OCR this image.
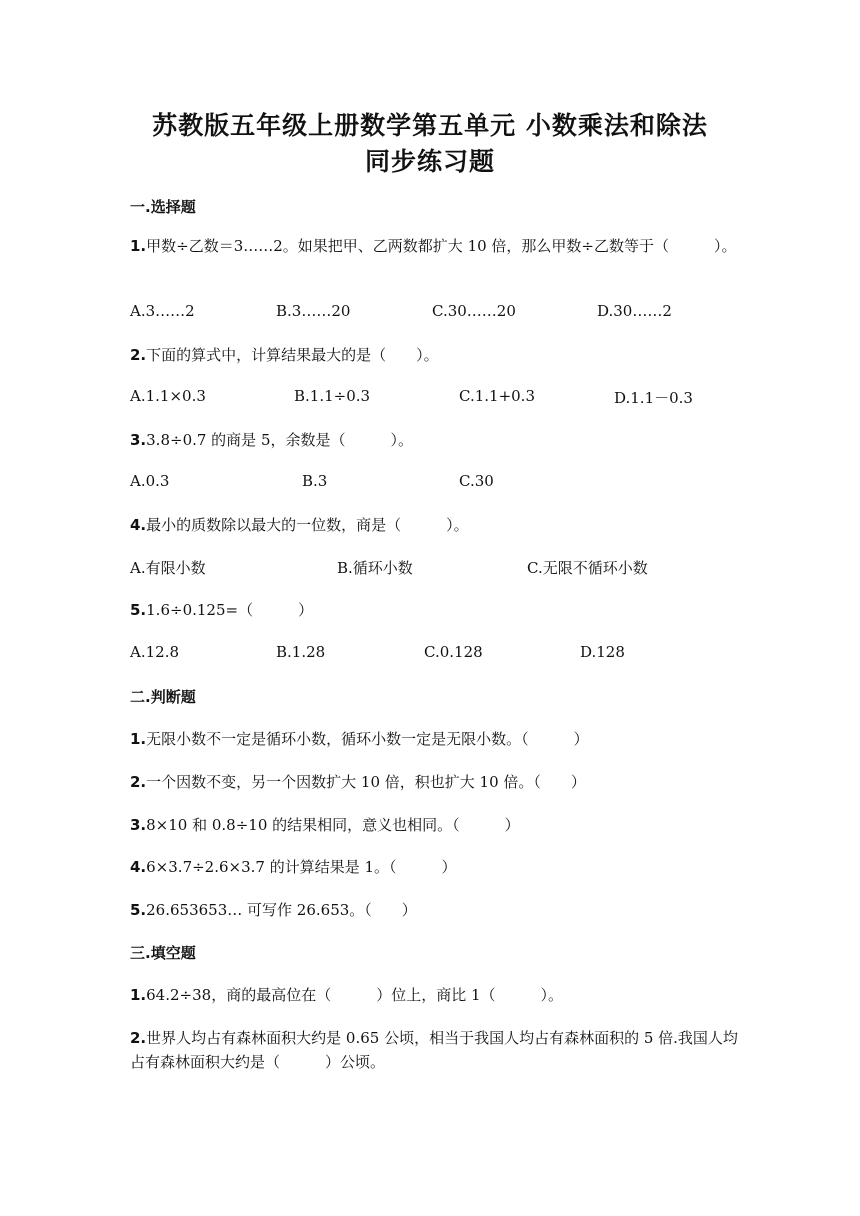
苏教版五年级上册数学第五单元 小数乘法和除法
同步练习题
一.选择题
1.甲数÷乙数＝3……2。如果把甲、乙两数都扩大 10 倍，那么甲数÷乙数等于（　　　）。
A.3……2	B.3……20	C.30……20	D.30……2
2.下面的算式中，计算结果最大的是（　　）。
A.1.1×0.3	B.1.1÷0.3	C.1.1+0.3	D.1.1－0.3
3.3.8÷0.7 的商是 5，余数是（　　　）。
A.0.3	B.3	C.30
4.最小的质数除以最大的一位数，商是（　　　）。
A.有限小数	B.循环小数	C.无限不循环小数
5.1.6÷0.125=（　　　）
A.12.8	B.1.28	C.0.128	D.128
二.判断题
1.无限小数不一定是循环小数，循环小数一定是无限小数。（　　　）
2.一个因数不变，另一个因数扩大 10 倍，积也扩大 10 倍。（　　）
3.8×10 和 0.8÷10 的结果相同，意义也相同。（　　　）
4.6×3.7÷2.6×3.7 的计算结果是 1。（　　　）
5.26.653653… 可写作 26.653。（　　）
三.填空题
1.64.2÷38，商的最高位在（　　　）位上，商比 1（　　　）。
2.世界人均占有森林面积大约是 0.65 公顷，相当于我国人均占有森林面积的 5 倍.我国人均占有森林面积大约是（　　　）公顷。
